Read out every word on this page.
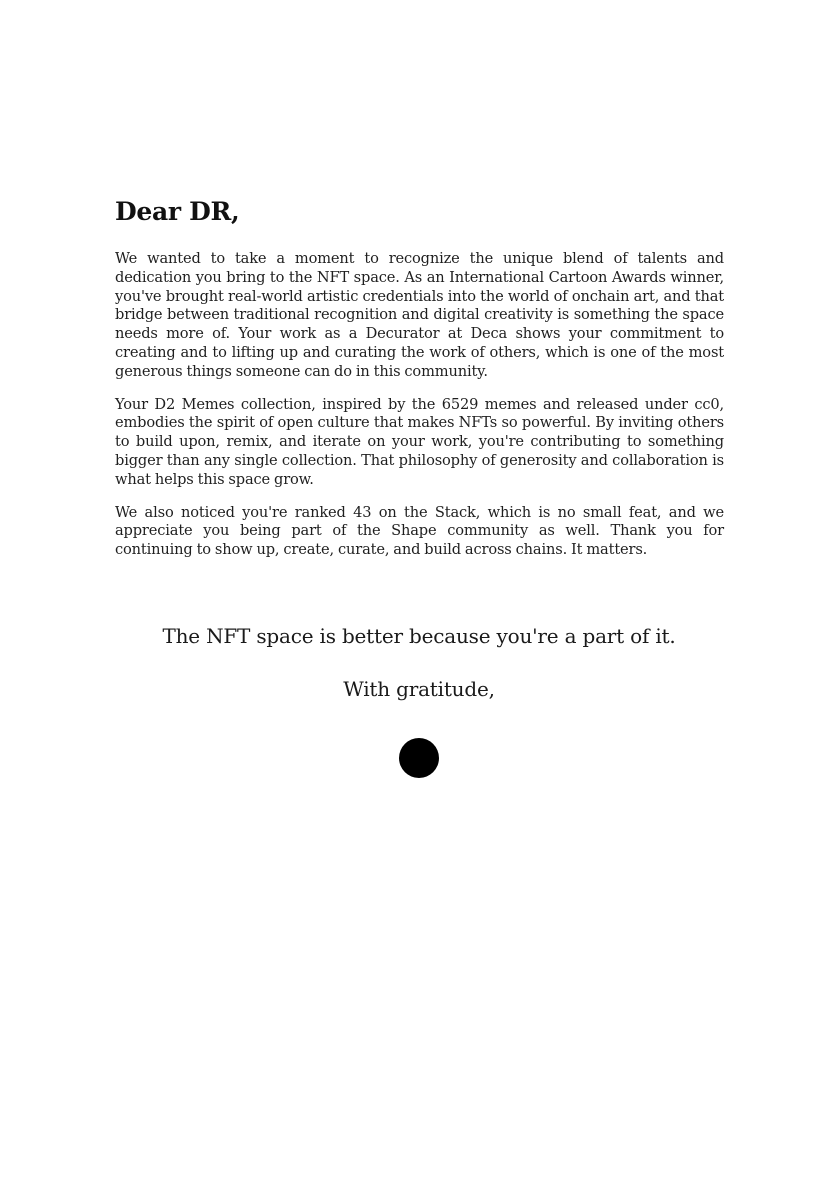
Dear DR,

We wanted to take a moment to recognize the unique blend of talents and dedication you bring to the NFT space. As an International Cartoon Awards winner, you've brought real-world artistic credentials into the world of onchain art, and that bridge between traditional recognition and digital creativity is something the space needs more of. Your work as a Decurator at Deca shows your commitment to creating and to lifting up and curating the work of others, which is one of the most generous things someone can do in this community.

Your D2 Memes collection, inspired by the 6529 memes and released under cc0, embodies the spirit of open culture that makes NFTs so powerful. By inviting others to build upon, remix, and iterate on your work, you're contributing to something bigger than any single collection. That philosophy of generosity and collaboration is what helps this space grow.

We also noticed you're ranked 43 on the Stack, which is no small feat, and we appreciate you being part of the Shape community as well. Thank you for continuing to show up, create, curate, and build across chains. It matters.

The NFT space is better because you're a part of it.

With gratitude,
